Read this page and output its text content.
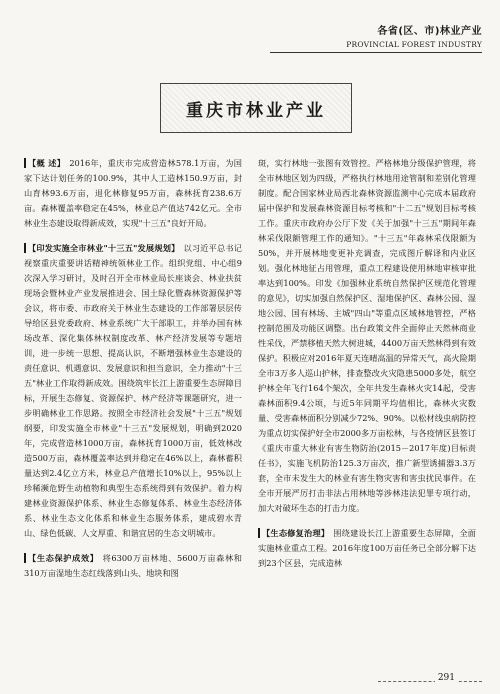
各省(区、市)林业产业
PROVINCIAL FOREST INDUSTRY
重庆市林业产业

【概 述】 2016年，重庆市完成营造林578.1万亩，为国家下达计划任务的100.9%，其中人工造林150.9万亩，封山育林93.6万亩，退化林修复95万亩，森林抚育238.6万亩。森林覆盖率稳定在45%，林业总产值达742亿元。全市林业生态建设取得新成效，实现"十三五"良好开局。

【印发实施全市林业"十三五"发展规划】 以习近平总书记视察重庆重要讲话精神统领林业工作。组织党组、中心组9次深入学习研讨，及时召开全市林业局长座谈会、林业扶贫现场会暨林业产业发展推进会、国土绿化暨森林资源保护等会议，将市委、市政府关于林业生态建设的工作部署层层传导给区县党委政府、林业系统广大干部职工，并举办国有林场改革、深化集体林权制度改革、林产经济发展等专题培训，进一步统一思想、提高认识，不断增强林业生态建设的责任意识、机遇意识、发展意识和担当意识，全力推动"十三五"林业工作取得新成效。围绕筑牢长江上游重要生态屏障目标，开展生态修复、资源保护、林产经济等课题研究，进一步明确林业工作思路。按照全市经济社会发展"十三五"规划纲要，印发实施全市林业"十三五"发展规划，明确到2020年，完成营造林1000万亩，森林抚育1000万亩，低效林改造500万亩，森林覆盖率达到并稳定在46%以上，森林蓄积量达到2.4亿立方米，林业总产值增长10%以上，95%以上珍稀濒危野生动植物和典型生态系统得到有效保护。着力构建林业资源保护体系、林业生态修复体系、林业生态经济体系、林业生态文化体系和林业生态服务体系，建成碧水青山、绿色低碳、人文厚重、和谐宜居的生态文明城市。

【生态保护成效】 将6300万亩林地、5600万亩森林和310万亩湿地生态红线落到山头、地块和图

斑，实行林地一张图有效管控。严格林地分级保护管理，将全市林地区划为四级，严格执行林地用途管制和差别化管理制度。配合国家林业局西北森林资源监测中心完成本届政府届中保护和发展森林资源目标考核和"十二五"规划目标考核工作。重庆市政府办公厅下发《关于加强"十三五"期间年森林采伐限额管理工作的通知》。"十三五"年森林采伐限额为50%，并开展林地变更补充调查，完成图斤解译和内业区划。强化林地征占用管理，重点工程建设使用林地审核审批率达到100%。印发《加强林业系统自然保护区规范化管理的意见》，切实加强自然保护区、湿地保护区、森林公园、湿地公园、国有林场、主城"四山"等重点区域林地管控，严格控制范围及功能区调整。出台政策文件全面停止天然林商业性采伐，严禁移植天然大树进城，4400万亩天然林得到有效保护。积极应对2016年夏天连晴高温的异常天气，高火险期全市3万多人巡山护林，排查整改火灾隐患5000多处，航空护林全年飞行164个架次，全年共发生森林火灾14起，受害森林面积9.4公顷，与近5年同期平均值相比，森林火灾数量、受害森林面积分别减少72%、90%。以松材线虫病防控为重点切实保护好全市2000多万亩松林，与各疫情区县签订《重庆市重大林业有害生物防治(2015－2017年度)目标责任书》，实施飞机防治125.3万亩次，推广新型诱捕器3.3万套，全市未发生大的林业有害生物灾害和害虫扰民事件。在全市开展严厉打击非法占用林地等涉林违法犯罪专项行动，加大对破坏生态的打击力度。

【生态修复治理】 围绕建设长江上游重要生态屏障，全面实施林业重点工程。2016年度100万亩任务已全部分解下达到23个区县，完成造林

291
